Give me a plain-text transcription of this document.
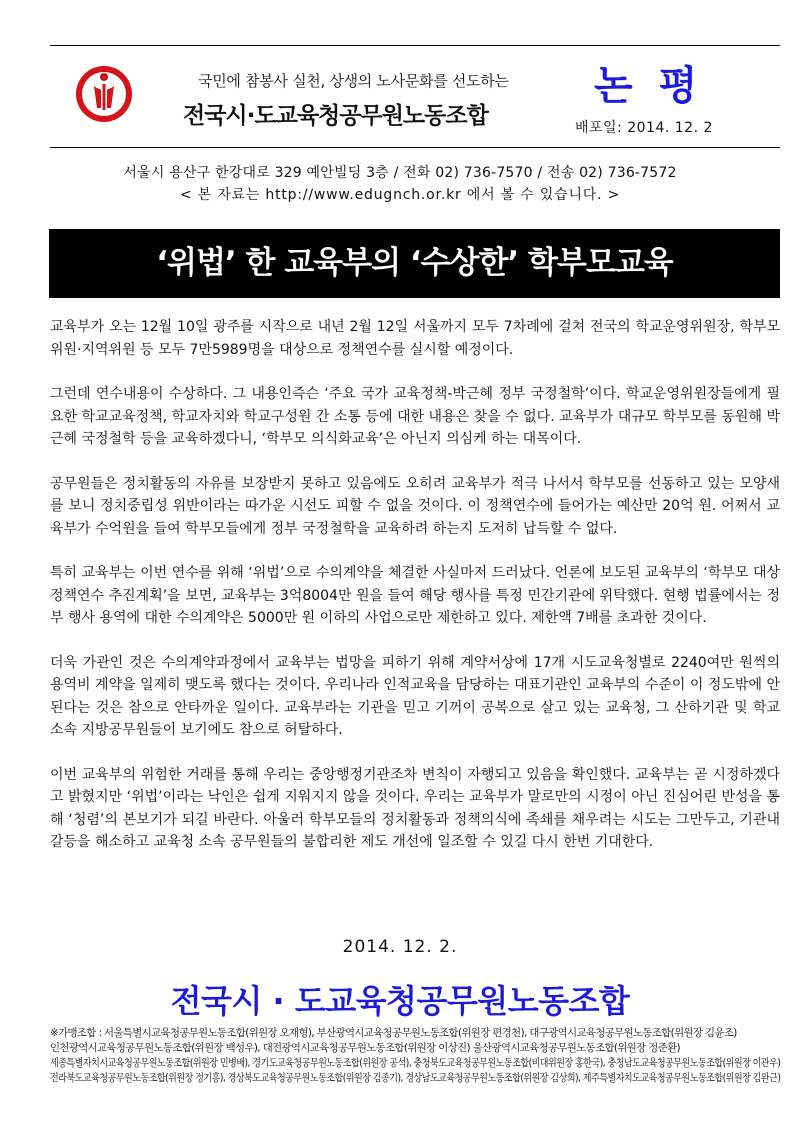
국민에 참봉사 실천, 상생의 노사문화를 선도하는
전국시·도교육청공무원노동조합
논 평
배포일: 2014. 12. 2
서울시 용산구 한강대로 329 예안빌딩 3층 / 전화 02) 736-7570 / 전송 02) 736-7572
< 본 자료는 http://www.edugnch.or.kr 에서 볼 수 있습니다. >
‘위법’ 한 교육부의 ‘수상한’ 학부모교육

교육부가 오는 12월 10일 광주를 시작으로 내년 2월 12일 서울까지 모두 7차례에 걸쳐 전국의 학교운영위원장, 학부모위원·지역위원 등 모두 7만5989명을 대상으로 정책연수를 실시할 예정이다.

그런데 연수내용이 수상하다. 그 내용인즉슨 ‘주요 국가 교육정책-박근혜 정부 국정철학’이다. 학교운영위원장들에게 필요한 학교교육정책, 학교자치와 학교구성원 간 소통 등에 대한 내용은 찾을 수 없다. 교육부가 대규모 학부모를 동원해 박근혜 국정철학 등을 교육하겠다니, ‘학부모 의식화교육’은 아닌지 의심케 하는 대목이다.

공무원들은 정치활동의 자유를 보장받지 못하고 있음에도 오히려 교육부가 적극 나서서 학부모를 선동하고 있는 모양새를 보니 정치중립성 위반이라는 따가운 시선도 피할 수 없을 것이다. 이 정책연수에 들어가는 예산만 20억 원. 어쩌서 교육부가 수억원을 들여 학부모들에게 정부 국정철학을 교육하려 하는지 도저히 납득할 수 없다.

특히 교육부는 이번 연수를 위해 ‘위법’으로 수의계약을 체결한 사실마저 드러났다. 언론에 보도된 교육부의 ‘학부모 대상 정책연수 추진계획’을 보면, 교육부는 3억8004만 원을 들여 해당 행사를 특정 민간기관에 위탁했다. 현행 법률에서는 정부 행사 용역에 대한 수의계약은 5000만 원 이하의 사업으로만 제한하고 있다. 제한액 7배를 초과한 것이다.

더욱 가관인 것은 수의계약과정에서 교육부는 법망을 피하기 위해 계약서상에 17개 시도교육청별로 2240여만 원씩의 용역비 계약을 일제히 맺도록 했다는 것이다. 우리나라 인적교육을 담당하는 대표기관인 교육부의 수준이 이 정도밖에 안 된다는 것은 참으로 안타까운 일이다. 교육부라는 기관을 믿고 기꺼이 공복으로 살고 있는 교육청, 그 산하기관 및 학교 소속 지방공무원들이 보기에도 참으로 허탈하다.

이번 교육부의 위험한 거래를 통해 우리는 중앙행정기관조차 변칙이 자행되고 있음을 확인했다. 교육부는 곧 시정하겠다고 밝혔지만 ‘위법’이라는 낙인은 쉽게 지워지지 않을 것이다. 우리는 교육부가 말로만의 시정이 아닌 진심어린 반성을 통해 ‘청렴’의 본보기가 되길 바란다. 아울러 학부모들의 정치활동과 정책의식에 족쇄를 채우려는 시도는 그만두고, 기관내 갈등을 해소하고 교육청 소속 공무원들의 불합리한 제도 개선에 일조할 수 있길 다시 한번 기대한다.

2014. 12. 2.
전국시 · 도교육청공무원노동조합
※가맹조합 : 서울특별시교육청공무원노동조합(위원장 오재형), 부산광역시교육청공무원노동조합(위원장 편경천), 대구광역시교육청공무원노동조합(위원장 김윤조)
인천광역시교육청공무원노동조합(위원장 백성우), 대전광역시교육청공무원노동조합(위원장 이상진) 울산광역시교육청공무원노동조합(위원장 정준환)
세종특별자치시교육청공무원노동조합(위원장 민병배), 경기도교육청공무원노동조합(위원장 공석), 충청북도교육청공무원노동조합(비대위원장 홍한국), 충청남도교육청공무원노동조합(위원장 이관우)
전라북도교육청공무원노동조합(위원장 정기홍), 경상북도교육청공무원노동조합(위원장 김종기), 경상남도교육청공무원노동조합(위원장 김상희), 제주특별자치도교육청공무원노동조합(위원장 김완근)
